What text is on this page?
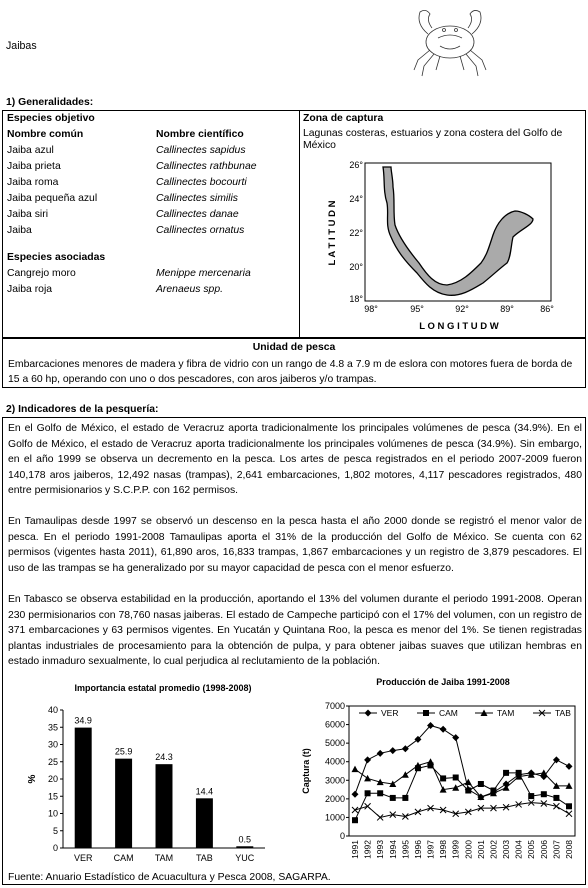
Jaibas
1) Generalidades:
Especies objetivo
Nombre común	Nombre científico
Jaiba azul	Callinectes sapidus
Jaiba prieta	Callinectes rathbunae
Jaiba roma	Callinectes bocourti
Jaiba pequeña azul	Callinectes similis
Jaiba siri	Callinectes danae
Jaiba	Callinectes ornatus
Especies asociadas
Cangrejo moro	Menippe mercenaria
Jaiba roja	Arenaeus spp.
Zona de captura
Lagunas costeras, estuarios y zona costera del Golfo de
México
26°
24°
22°
20°
18°
98°	95°	92°	89°	86°
L O N G I T U D W
L A T I T U D N
Unidad de pesca
Embarcaciones menores de madera y fibra de vidrio con un rango de 4.8 a 7.9 m de eslora con motores fuera de borda de 15 a 60 hp, operando con uno o dos pescadores, con aros jaiberos y/o trampas.
2) Indicadores de la pesquería:
En el Golfo de México, el estado de Veracruz aporta tradicionalmente los principales volúmenes de pesca (34.9%). En el Golfo de México, el estado de Veracruz aporta tradicionalmente los principales volúmenes de pesca (34.9%). Sin embargo, en el año 1999 se observa un decremento en la pesca. Los artes de pesca registrados en el periodo 2007-2009 fueron 140,178 aros jaiberos, 12,492 nasas (trampas), 2,641 embarcaciones, 1,802 motores, 4,117 pescadores registrados, 480 entre permisionarios y S.C.P.P. con 162 permisos.
En Tamaulipas desde 1997 se observó un descenso en la pesca hasta el año 2000 donde se registró el menor valor de pesca. En el periodo 1991-2008 Tamaulipas aporta el 31% de la producción del Golfo de México. Se cuenta con 62 permisos (vigentes hasta 2011), 61,890 aros, 16,833 trampas, 1,867 embarcaciones y un registro de 3,879 pescadores. El uso de las trampas se ha generalizado por su mayor capacidad de pesca con el menor esfuerzo.
En Tabasco se observa estabilidad en la producción, aportando el 13% del volumen durante el periodo 1991-2008. Operan 230 permisionarios con 78,760 nasas jaiberas. El estado de Campeche participó con el 17% del volumen, con un registro de 371 embarcaciones y 63 permisos vigentes. En Yucatán y Quintana Roo, la pesca es menor del 1%. Se tienen registradas plantas industriales de procesamiento para la obtención de pulpa, y para obtener jaibas suaves que utilizan hembras en estado inmaduro sexualmente, lo cual perjudica al reclutamiento de la población.
Importancia estatal promedio (1998-2008)
0
5
10
15
20
25
30
35
40
%
34.9
VER
25.9
CAM
24.3
TAM
14.4
TAB
0.5
YUC
Producción de Jaiba 1991-2008
0
1000
2000
3000
4000
5000
6000
7000
Captura (t)
1991 1992 1993 1994 1995 1996 1997 1998 1999 2000 2001 2002 2003 2004 2005 2006 2007 2008
VER	CAM	TAM	TAB
Fuente: Anuario Estadístico de Acuacultura y Pesca 2008, SAGARPA.
